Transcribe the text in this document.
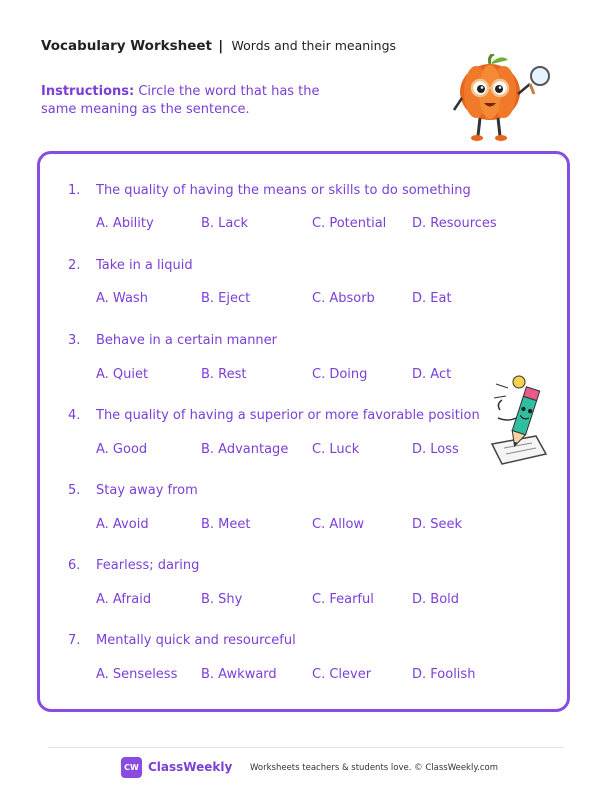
Vocabulary Worksheet | Words and their meanings
Instructions: Circle the word that has the same meaning as the sentence.
1. The quality of having the means or skills to do something
A. Ability	B. Lack	C. Potential D. Resources
2. Take in a liquid
A. Wash	B. Eject	C. Absorb	D. Eat
3. Behave in a certain manner
A. Quiet	B. Rest	C. Doing	D. Act
4. The quality of having a superior or more favorable position
A. Good	B. Advantage C. Luck	D. Loss
5. Stay away from
A. Avoid	B. Meet	C. Allow	D. Seek
6. Fearless; daring
A. Afraid	B. Shy	C. Fearful	D. Bold
7. Mentally quick and resourceful
A. Senseless B. Awkward	C. Clever	D. Foolish
CW ClassWeekly Worksheets teachers & students love. © ClassWeekly.com
